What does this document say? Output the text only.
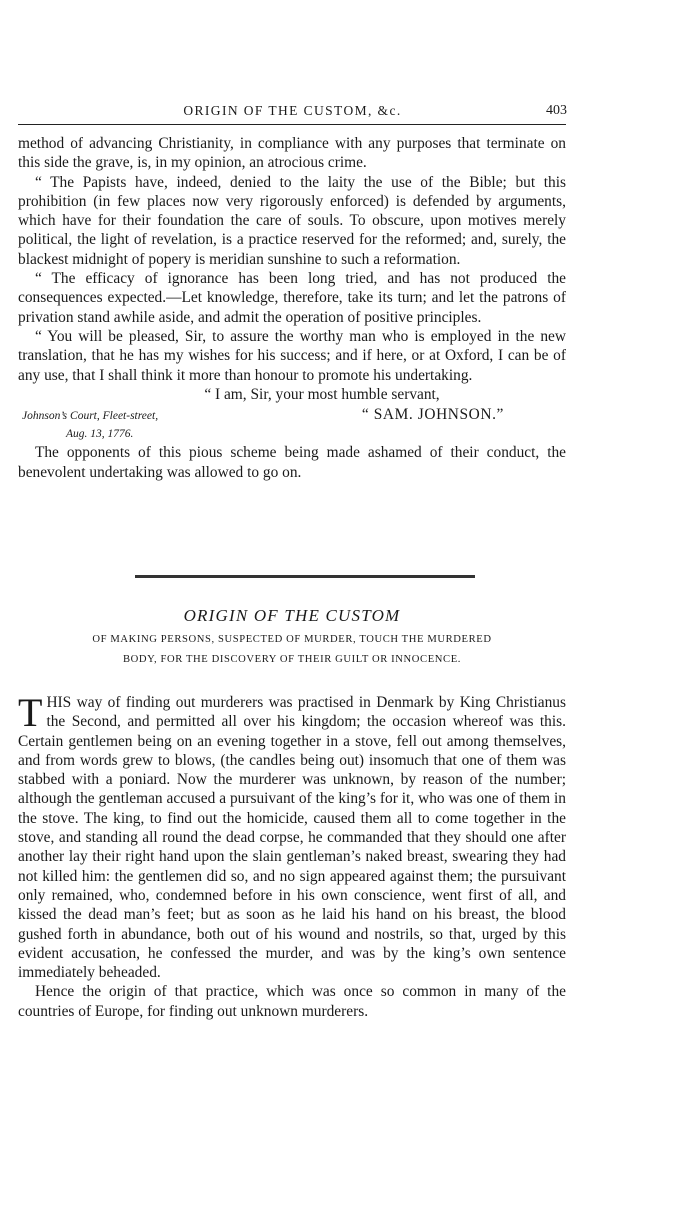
ORIGIN OF THE CUSTOM, &c.	403

method of advancing Christianity, in compliance with any purposes that terminate on this side the grave, is, in my opinion, an atrocious crime.

“ The Papists have, indeed, denied to the laity the use of the Bible; but this prohibition (in few places now very rigorously enforced) is defended by arguments, which have for their foundation the care of souls. To obscure, upon motives merely political, the light of revelation, is a practice reserved for the reformed; and, surely, the blackest midnight of popery is meridian sunshine to such a reformation.

“ The efficacy of ignorance has been long tried, and has not produced the consequences expected.—Let knowledge, therefore, take its turn; and let the patrons of privation stand awhile aside, and admit the operation of positive principles.

“ You will be pleased, Sir, to assure the worthy man who is employed in the new translation, that he has my wishes for his success; and if here, or at Oxford, I can be of any use, that I shall think it more than honour to promote his undertaking.

“ I am, Sir, your most humble servant,

Johnson’s Court, Fleet-street,	“ SAM. JOHNSON.”
Aug. 13, 1776.

The opponents of this pious scheme being made ashamed of their conduct, the benevolent undertaking was allowed to go on.

ORIGIN OF THE CUSTOM
OF MAKING PERSONS, SUSPECTED OF MURDER, TOUCH THE MURDERED
BODY, FOR THE DISCOVERY OF THEIR GUILT OR INNOCENCE.

THIS way of finding out murderers was practised in Denmark by King Christianus the Second, and permitted all over his kingdom; the occasion whereof was this. Certain gentlemen being on an evening together in a stove, fell out among themselves, and from words grew to blows, (the candles being out) insomuch that one of them was stabbed with a poniard. Now the murderer was unknown, by reason of the number; although the gentleman accused a pursuivant of the king’s for it, who was one of them in the stove. The king, to find out the homicide, caused them all to come together in the stove, and standing all round the dead corpse, he commanded that they should one after another lay their right hand upon the slain gentleman’s naked breast, swearing they had not killed him: the gentlemen did so, and no sign appeared against them; the pursuivant only remained, who, condemned before in his own conscience, went first of all, and kissed the dead man’s feet; but as soon as he laid his hand on his breast, the blood gushed forth in abundance, both out of his wound and nostrils, so that, urged by this evident accusation, he confessed the murder, and was by the king’s own sentence immediately beheaded.

Hence the origin of that practice, which was once so common in many of the countries of Europe, for finding out unknown murderers.
